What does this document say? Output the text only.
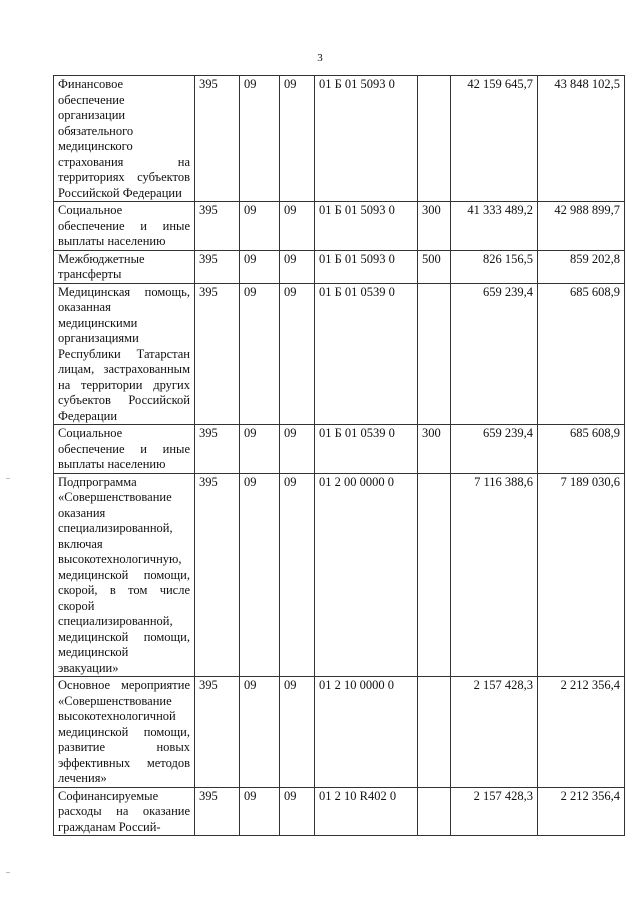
3
Финансовое обеспечение организации обязательного медицинского страхования на территориях субъектов Российской Федерации	395	09	09	01 Б 01 5093 0		42 159 645,7	43 848 102,5
Социальное обеспечение и иные выплаты населению	395	09	09	01 Б 01 5093 0	300	41 333 489,2	42 988 899,7
Межбюджетные трансферты	395	09	09	01 Б 01 5093 0	500	826 156,5	859 202,8
Медицинская помощь, оказанная медицинскими организациями Республики Татарстан лицам, застрахованным на территории других субъектов Российской Федерации	395	09	09	01 Б 01 0539 0		659 239,4	685 608,9
Социальное обеспечение и иные выплаты населению	395	09	09	01 Б 01 0539 0	300	659 239,4	685 608,9
Подпрограмма «Совершенствование оказания специализированной, включая высокотехнологичную, медицинской помощи, скорой, в том числе скорой специализированной, медицинской помощи, медицинской эвакуации»	395	09	09	01 2 00 0000 0		7 116 388,6	7 189 030,6
Основное мероприятие «Совершенствование высокотехнологичной медицинской помощи, развитие новых эффективных методов лечения»	395	09	09	01 2 10 0000 0		2 157 428,3	2 212 356,4
Софинансируемые расходы на оказание гражданам Россий-	395	09	09	01 2 10 R402 0		2 157 428,3	2 212 356,4
